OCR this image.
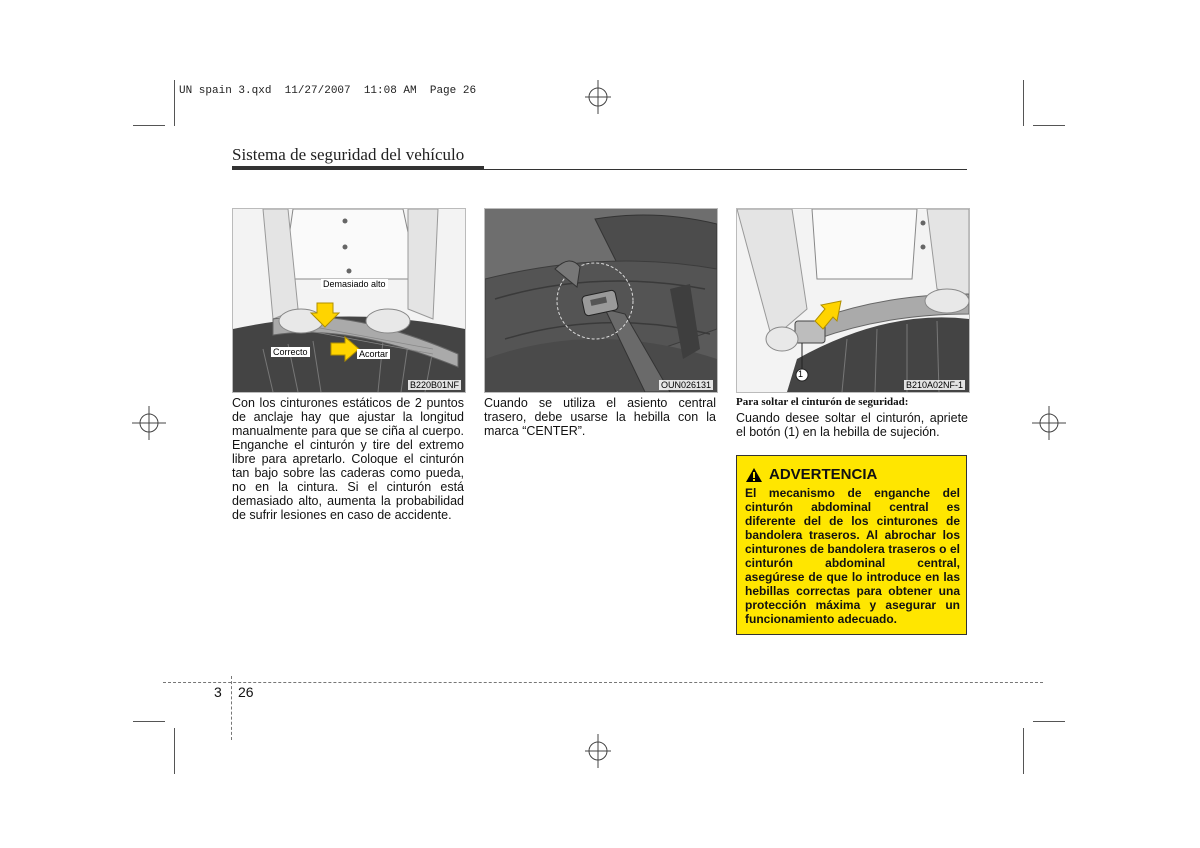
UN spain 3.qxd  11/27/2007  11:08 AM  Page 26
Sistema de seguridad del vehículo
Demasiado alto
Correcto	Acortar
B220B01NF	OUN026131
1
B210A02NF-1
Con los cinturones estáticos de 2 puntos de anclaje hay que ajustar la longitud manualmente para que se ciña al cuerpo. Enganche el cinturón y tire del extremo libre para apretarlo. Coloque el cinturón tan bajo sobre las caderas como pueda, no en la cintura. Si el cinturón está demasiado alto, aumenta la probabilidad de sufrir lesiones en caso de accidente.
Cuando se utiliza el asiento central trasero, debe usarse la hebilla con la marca “CENTER”.
Para soltar el cinturón de seguridad:
Cuando desee soltar el cinturón, apriete el botón (1) en la hebilla de sujeción.
ADVERTENCIA
El mecanismo de enganche del cinturón abdominal central es diferente del de los cinturones de bandolera traseros. Al abrochar los cinturones de bandolera traseros o el cinturón abdominal central, asegúrese de que lo introduce en las hebillas correctas para obtener una protección máxima y asegurar un funcionamiento adecuado.
3 26
